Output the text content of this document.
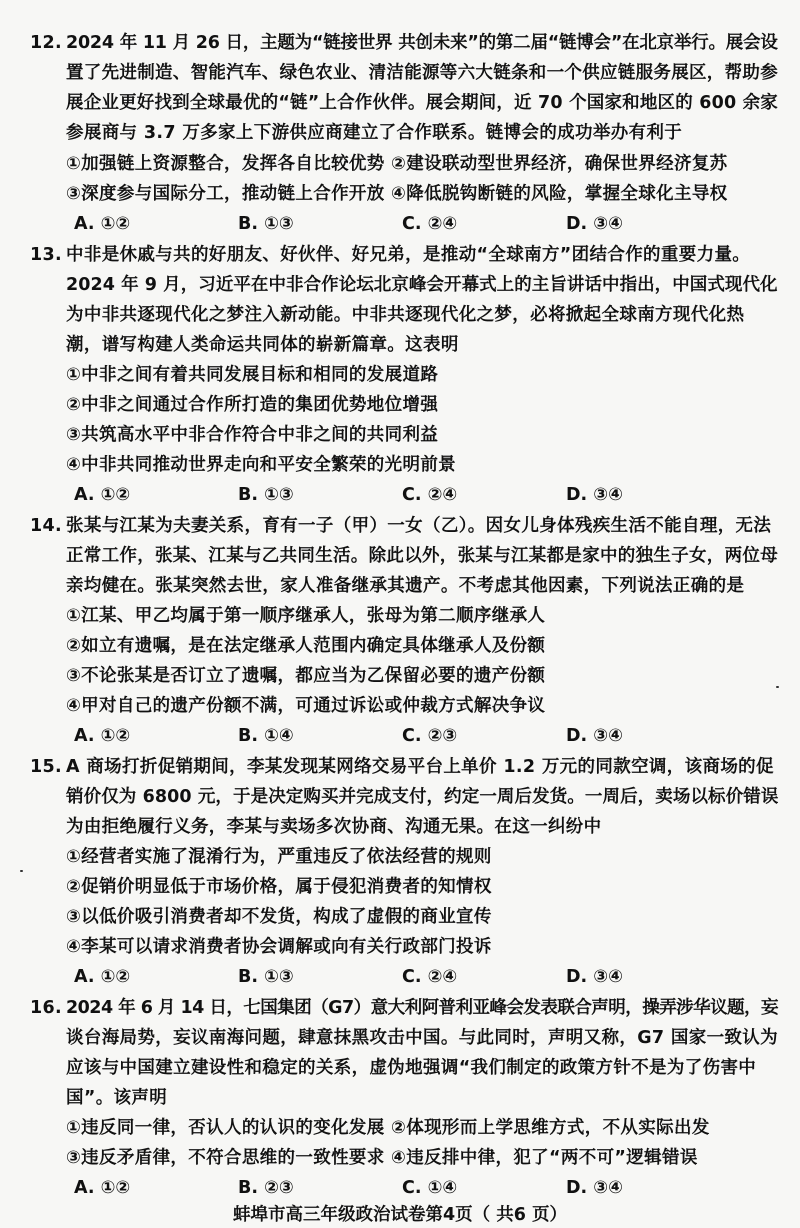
12. 2024 年 11 月 26 日，主题为“链接世界 共创未来”的第二届“链博会”在北京举行。展会设
置了先进制造、智能汽车、绿色农业、清洁能源等六大链条和一个供应链服务展区，帮助参
展企业更好找到全球最优的“链”上合作伙伴。展会期间，近 70 个国家和地区的 600 余家
参展商与 3.7 万多家上下游供应商建立了合作联系。链博会的成功举办有利于
①加强链上资源整合，发挥各自比较优势 ②建设联动型世界经济，确保世界经济复苏
③深度参与国际分工，推动链上合作开放 ④降低脱钩断链的风险，掌握全球化主导权
A. ①②	B. ①③	C. ②④	D. ③④
13. 中非是休戚与共的好朋友、好伙伴、好兄弟，是推动“全球南方”团结合作的重要力量。
2024 年 9 月，习近平在中非合作论坛北京峰会开幕式上的主旨讲话中指出，中国式现代化
为中非共逐现代化之梦注入新动能。中非共逐现代化之梦，必将掀起全球南方现代化热
潮，谱写构建人类命运共同体的崭新篇章。这表明
①中非之间有着共同发展目标和相同的发展道路
②中非之间通过合作所打造的集团优势地位增强
③共筑高水平中非合作符合中非之间的共同利益
④中非共同推动世界走向和平安全繁荣的光明前景
A. ①②	B. ①③	C. ②④	D. ③④
14. 张某与江某为夫妻关系，育有一子（甲）一女（乙）。因女儿身体残疾生活不能自理，无法
正常工作，张某、江某与乙共同生活。除此以外，张某与江某都是家中的独生子女，两位母
亲均健在。张某突然去世，家人准备继承其遗产。不考虑其他因素，下列说法正确的是
①江某、甲乙均属于第一顺序继承人，张母为第二顺序继承人
②如立有遗嘱，是在法定继承人范围内确定具体继承人及份额
③不论张某是否订立了遗嘱，都应当为乙保留必要的遗产份额
④甲对自己的遗产份额不满，可通过诉讼或仲裁方式解决争议
A. ①②	B. ①④	C. ②③	D. ③④
15. A 商场打折促销期间，李某发现某网络交易平台上单价 1.2 万元的同款空调，该商场的促
销价仅为 6800 元，于是决定购买并完成支付，约定一周后发货。一周后，卖场以标价错误
为由拒绝履行义务，李某与卖场多次协商、沟通无果。在这一纠纷中
①经营者实施了混淆行为，严重违反了依法经营的规则
②促销价明显低于市场价格，属于侵犯消费者的知情权
③以低价吸引消费者却不发货，构成了虚假的商业宣传
④李某可以请求消费者协会调解或向有关行政部门投诉
A. ①②	B. ①③	C. ②④	D. ③④
16. 2024 年 6 月 14 日，七国集团（G7）意大利阿普利亚峰会发表联合声明，操弄涉华议题，妄
谈台海局势，妄议南海问题，肆意抹黑攻击中国。与此同时，声明又称，G7 国家一致认为
应该与中国建立建设性和稳定的关系，虚伪地强调“我们制定的政策方针不是为了伤害中
国”。该声明
①违反同一律，否认人的认识的变化发展 ②体现形而上学思维方式，不从实际出发
③违反矛盾律，不符合思维的一致性要求 ④违反排中律，犯了“两不可”逻辑错误
A. ①②	B. ②③	C. ①④	D. ③④
蚌埠市高三年级政治试卷第4页（ 共6 页）
